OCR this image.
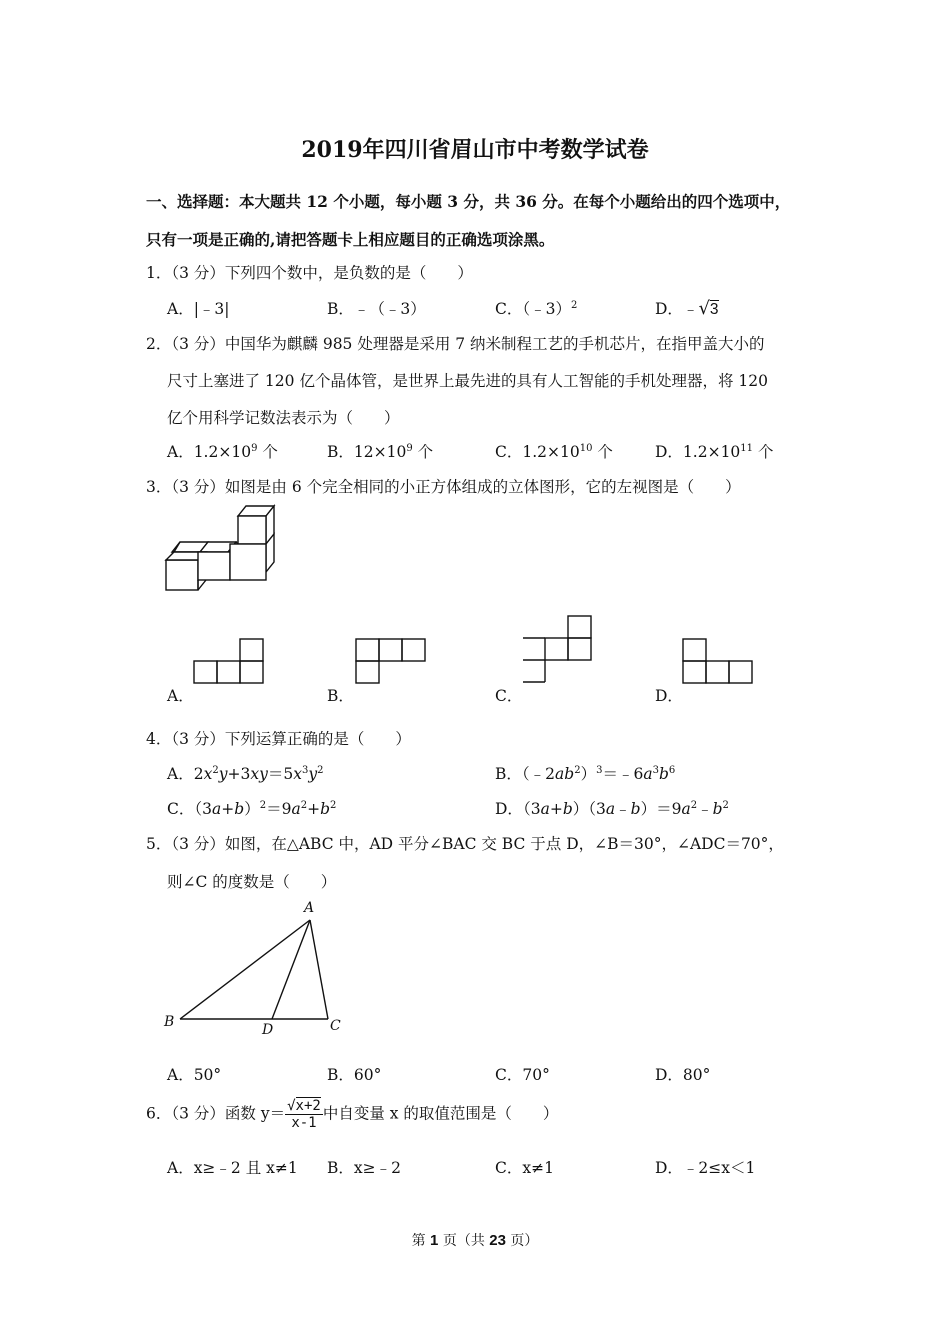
2019年四川省眉山市中考数学试卷
一、选择题：本大题共 12 个小题，每小题 3 分，共 36 分。在每个小题给出的四个选项中，
只有一项是正确的,请把答题卡上相应题目的正确选项涂黑。
1．（3 分）下列四个数中，是负数的是（　　）
A．|﹣3|	B．﹣（﹣3）	C．（﹣3）$^2$	D．﹣√3
2．（3 分）中国华为麒麟 985 处理器是采用 7 纳米制程工艺的手机芯片，在指甲盖大小的
尺寸上塞进了 120 亿个晶体管，是世界上最先进的具有人工智能的手机处理器，将 120
亿个用科学记数法表示为（　　）
A．$1.2\times 10^9$ 个	B．$12\times 10^9$ 个	C．$1.2\times 10^{10}$ 个	D．$1.2\times 10^{11}$ 个
3．（3 分）如图是由 6 个完全相同的小正方体组成的立体图形，它的左视图是（　　）
A．	B．	C．	D．
4．（3 分）下列运算正确的是（　　）
A．$2x^2y+3xy=5x^3y^2$	B．$(﹣2ab^2)^3=﹣6a^3b^6$
C．$(3a+b)^2=9a^2+b^2$	D．$(3a+b)(3a﹣b)=9a^2﹣b^2$
5．（3 分）如图，在△ABC 中，AD 平分∠BAC 交 BC 于点 D，∠B＝30°，∠ADC＝70°，
则∠C 的度数是（　　）
A
B	D	C
A．50°	B．60°	C．70°	D．80°
6．（3 分）函数 $y= \frac{√x+2}{x-1}$ 中自变量 x 的取值范围是（　　）
A．x≥﹣2 且 x≠1 B．x≥﹣2	C．x≠1	D．﹣2≤x＜1
第 1 页（共 23 页）
